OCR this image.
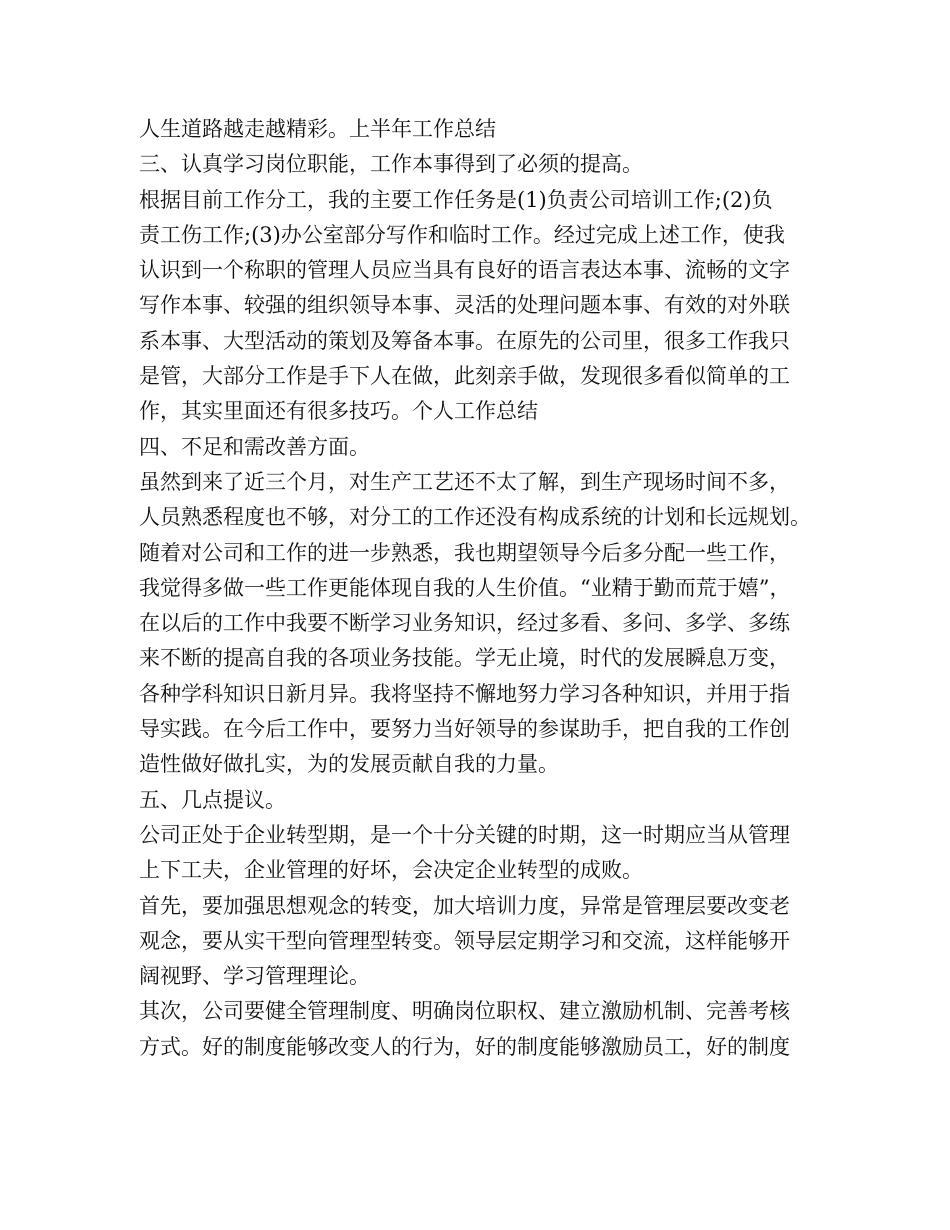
人生道路越走越精彩。上半年工作总结
三、认真学习岗位职能，工作本事得到了必须的提高。
根据目前工作分工，我的主要工作任务是(1)负责公司培训工作;(2)负
责工伤工作;(3)办公室部分写作和临时工作。经过完成上述工作，使我
认识到一个称职的管理人员应当具有良好的语言表达本事、流畅的文字
写作本事、较强的组织领导本事、灵活的处理问题本事、有效的对外联
系本事、大型活动的策划及筹备本事。在原先的公司里，很多工作我只
是管，大部分工作是手下人在做，此刻亲手做，发现很多看似简单的工
作，其实里面还有很多技巧。个人工作总结
四、不足和需改善方面。
虽然到来了近三个月，对生产工艺还不太了解，到生产现场时间不多，
人员熟悉程度也不够，对分工的工作还没有构成系统的计划和长远规划。
随着对公司和工作的进一步熟悉，我也期望领导今后多分配一些工作，
我觉得多做一些工作更能体现自我的人生价值。“业精于勤而荒于嬉”，
在以后的工作中我要不断学习业务知识，经过多看、多问、多学、多练
来不断的提高自我的各项业务技能。学无止境，时代的发展瞬息万变，
各种学科知识日新月异。我将坚持不懈地努力学习各种知识，并用于指
导实践。在今后工作中，要努力当好领导的参谋助手，把自我的工作创
造性做好做扎实，为的发展贡献自我的力量。
五、几点提议。
公司正处于企业转型期，是一个十分关键的时期，这一时期应当从管理
上下工夫，企业管理的好坏，会决定企业转型的成败。
首先，要加强思想观念的转变，加大培训力度，异常是管理层要改变老
观念，要从实干型向管理型转变。领导层定期学习和交流，这样能够开
阔视野、学习管理理论。
其次，公司要健全管理制度、明确岗位职权、建立激励机制、完善考核
方式。好的制度能够改变人的行为，好的制度能够激励员工，好的制度
